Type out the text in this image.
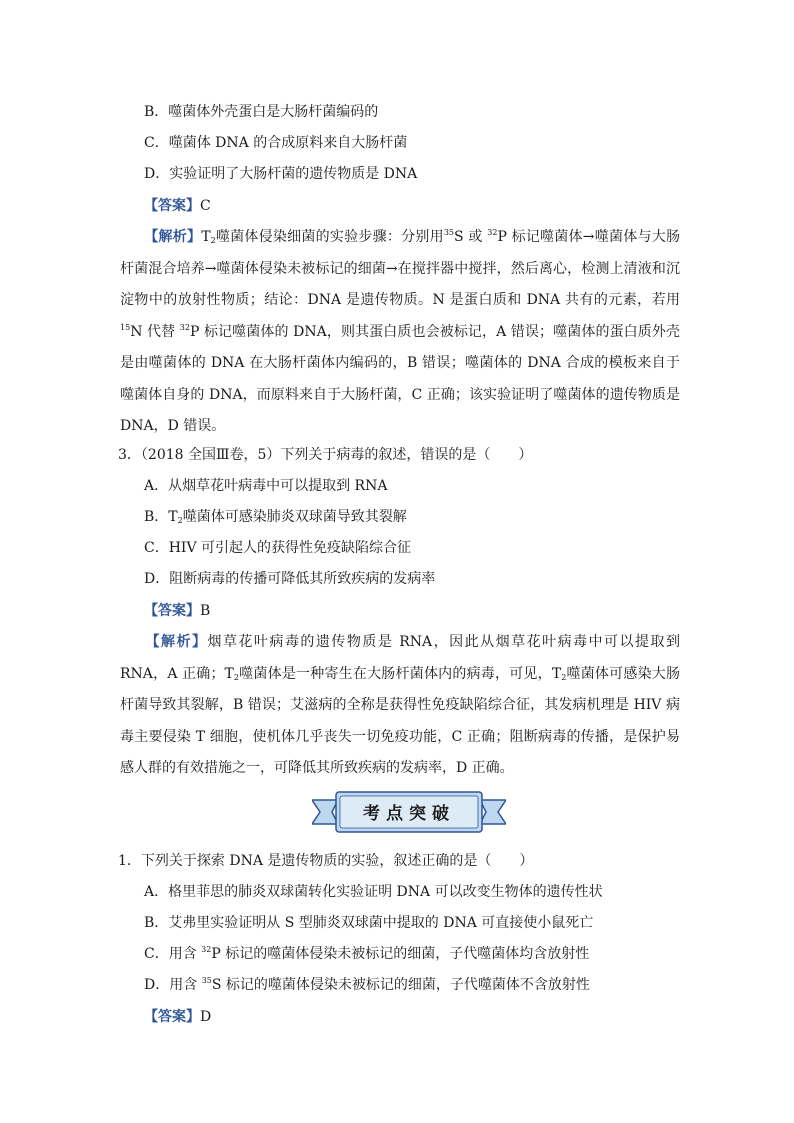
B．噬菌体外壳蛋白是大肠杆菌编码的
C．噬菌体 DNA 的合成原料来自大肠杆菌
D．实验证明了大肠杆菌的遗传物质是 DNA
【答案】C
【解析】$T_2$噬菌体侵染细菌的实验步骤：分别用$^{35}$S 或 $^{32}$P 标记噬菌体→噬菌体与大肠杆菌混合培养→噬菌体侵染未被标记的细菌→在搅拌器中搅拌，然后离心，检测上清液和沉淀物中的放射性物质；结论：DNA 是遗传物质。N 是蛋白质和 DNA 共有的元素，若用 $^{15}$N 代替 $^{32}$P 标记噬菌体的 DNA，则其蛋白质也会被标记，A 错误；噬菌体的蛋白质外壳是由噬菌体的 DNA 在大肠杆菌体内编码的，B 错误；噬菌体的 DNA 合成的模板来自于噬菌体自身的 DNA，而原料来自于大肠杆菌，C 正确；该实验证明了噬菌体的遗传物质是 DNA，D 错误。
3．（2018 全国Ⅲ卷，5）下列关于病毒的叙述，错误的是（　　）
A．从烟草花叶病毒中可以提取到 RNA
B．$T_2$噬菌体可感染肺炎双球菌导致其裂解
C．HIV 可引起人的获得性免疫缺陷综合征
D．阻断病毒的传播可降低其所致疾病的发病率
【答案】B
【解析】烟草花叶病毒的遗传物质是 RNA，因此从烟草花叶病毒中可以提取到 RNA，A 正确；$T_2$噬菌体是一种寄生在大肠杆菌体内的病毒，可见，$T_2$噬菌体可感染大肠杆菌导致其裂解，B 错误；艾滋病的全称是获得性免疫缺陷综合征，其发病机理是 HIV 病毒主要侵染 T 细胞，使机体几乎丧失一切免疫功能，C 正确；阻断病毒的传播，是保护易感人群的有效措施之一，可降低其所致疾病的发病率，D 正确。
考点突破
1．下列关于探索 DNA 是遗传物质的实验，叙述正确的是（　　）
A．格里菲思的肺炎双球菌转化实验证明 DNA 可以改变生物体的遗传性状
B．艾弗里实验证明从 S 型肺炎双球菌中提取的 DNA 可直接使小鼠死亡
C．用含 $^{32}$P 标记的噬菌体侵染未被标记的细菌，子代噬菌体均含放射性
D．用含 $^{35}$S 标记的噬菌体侵染未被标记的细菌，子代噬菌体不含放射性
【答案】D
